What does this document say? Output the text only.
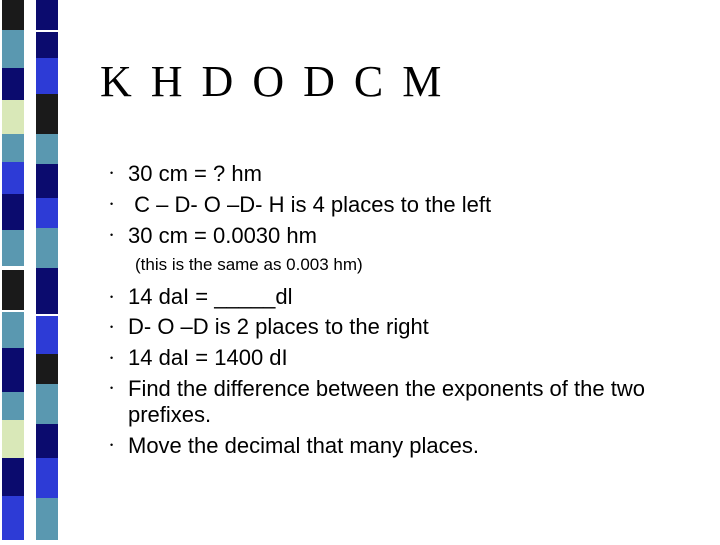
K H D O D C M
• 30 cm = ? hm
• C – D- O –D- H is 4 places to the left
• 30 cm = 0.0030 hm
(this is the same as 0.003 hm)
• 14 daI = _____dl
• D- O –D is 2 places to the right
• 14 daI = 1400 dI
• Find the difference between the exponents of the two
prefixes.
• Move the decimal that many places.
